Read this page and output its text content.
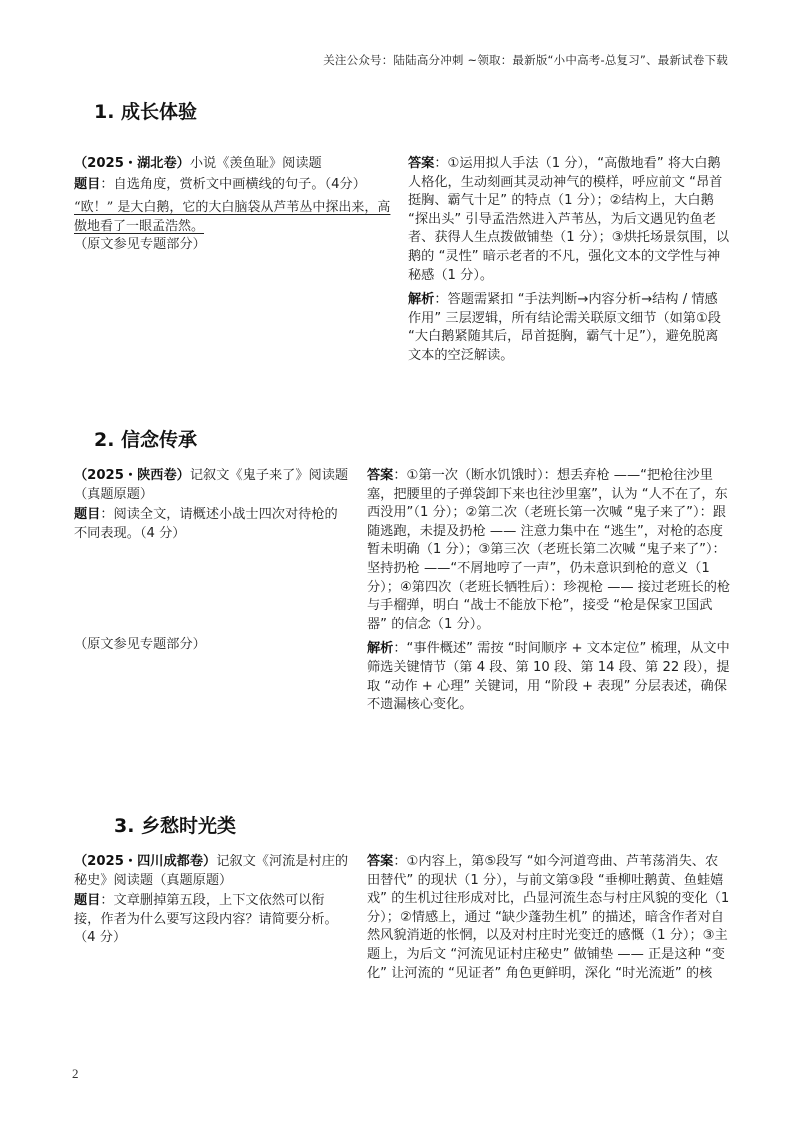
关注公众号：陆陆高分冲刺 ~领取：最新版“小中高考-总复习”、最新试卷下载
1. 成长体验

（2025・湖北卷）小说《羡鱼耻》阅读题

题目：自选角度，赏析文中画横线的句子。（4分）

“欧！” 是大白鹅，它的大白脑袋从芦苇丛中探出来，高傲地看了一眼孟浩然。

（原文参见专题部分）

答案：①运用拟人手法（1 分），“高傲地看” 将大白鹅人格化，生动刻画其灵动神气的模样，呼应前文 “昂首挺胸、霸气十足” 的特点（1 分）；②结构上，大白鹅 “探出头” 引导孟浩然进入芦苇丛，为后文遇见钓鱼老者、获得人生点拨做铺垫（1 分）；③烘托场景氛围，以鹅的 “灵性” 暗示老者的不凡，强化文本的文学性与神秘感（1 分）。

解析：答题需紧扣 “手法判断→内容分析→结构 / 情感作用” 三层逻辑，所有结论需关联原文细节（如第①段 “大白鹅紧随其后，昂首挺胸，霸气十足”），避免脱离文本的空泛解读。

2. 信念传承

（2025・陕西卷）记叙文《鬼子来了》阅读题（真题原题）

题目：阅读全文，请概述小战士四次对待枪的不同表现。（4 分）

（原文参见专题部分）

答案：①第一次（断水饥饿时）：想丢弃枪 ——“把枪往沙里塞，把腰里的子弹袋卸下来也往沙里塞”，认为 “人不在了，东西没用”（1 分）；②第二次（老班长第一次喊 “鬼子来了”）：跟随逃跑，未提及扔枪 —— 注意力集中在 “逃生”，对枪的态度暂未明确（1 分）；③第三次（老班长第二次喊 “鬼子来了”）：坚持扔枪 ——“不屑地哼了一声”，仍未意识到枪的意义（1 分）；④第四次（老班长牺牲后）：珍视枪 —— 接过老班长的枪与手榴弹，明白 “战士不能放下枪”，接受 “枪是保家卫国武器” 的信念（1 分）。

解析：“事件概述” 需按 “时间顺序 + 文本定位” 梳理，从文中筛选关键情节（第 4 段、第 10 段、第 14 段、第 22 段），提取 “动作 + 心理” 关键词，用 “阶段 + 表现” 分层表述，确保不遗漏核心变化。

3. 乡愁时光类

（2025・四川成都卷）记叙文《河流是村庄的秘史》阅读题（真题原题）

题目：文章删掉第五段，上下文依然可以衔接，作者为什么要写这段内容？请简要分析。（4 分）

答案：①内容上，第⑤段写 “如今河道弯曲、芦苇荡消失、农田替代” 的现状（1 分），与前文第③段 “垂柳吐鹅黄、鱼蛙嬉戏” 的生机过往形成对比，凸显河流生态与村庄风貌的变化（1 分）；②情感上，通过 “缺少蓬勃生机” 的描述，暗含作者对自然风貌消逝的怅惘，以及对村庄时光变迁的感慨（1 分）；③主题上，为后文 “河流见证村庄秘史” 做铺垫 —— 正是这种 “变化” 让河流的 “见证者” 角色更鲜明，深化 “时光流逝” 的核

2
